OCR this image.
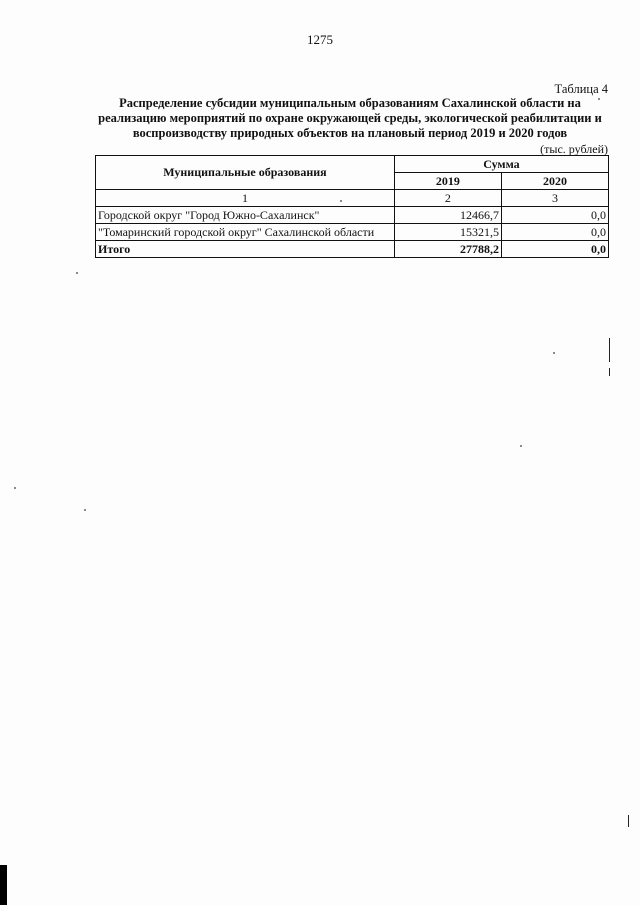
1275
Таблица 4
Распределение субсидии муниципальным образованиям Сахалинской области на реализацию мероприятий по охране окружающей среды, экологической реабилитации и воспроизводству природных объектов на плановый период 2019 и 2020 годов
(тыс. рублей)
Муниципальные образования	Сумма	
	2019	2020
1	2	3
Городской округ "Город Южно-Сахалинск"	12466,7	0,0
"Томаринский городской округ" Сахалинской области	15321,5	0,0
Итого	27788,2	0,0
